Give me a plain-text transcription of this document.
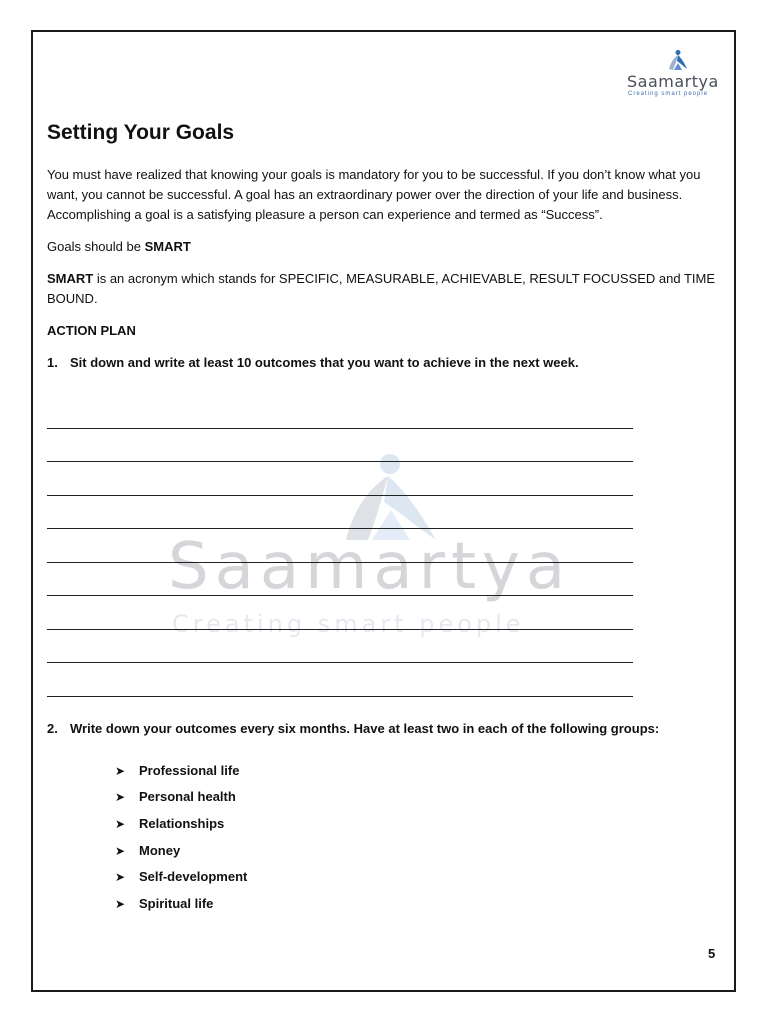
Saamartya
Creating smart people
Saamartya
Creating smart people
Setting Your Goals

You must have realized that knowing your goals is mandatory for you to be successful. If you don’t know what you want, you cannot be successful. A goal has an extraordinary power over the direction of your life and business. Accomplishing a goal is a satisfying pleasure a person can experience and termed as “Success”.

Goals should be SMART

SMART is an acronym which stands for SPECIFIC, MEASURABLE, ACHIEVABLE, RESULT FOCUSSED and TIME BOUND.

ACTION PLAN

1. Sit down and write at least 10 outcomes that you want to achieve in the next week.
2. Write down your outcomes every six months. Have at least two in each of the following groups:
➤	Professional life
➤	Personal health
➤	Relationships
➤	Money
➤	Self-development
➤	Spiritual life
5
